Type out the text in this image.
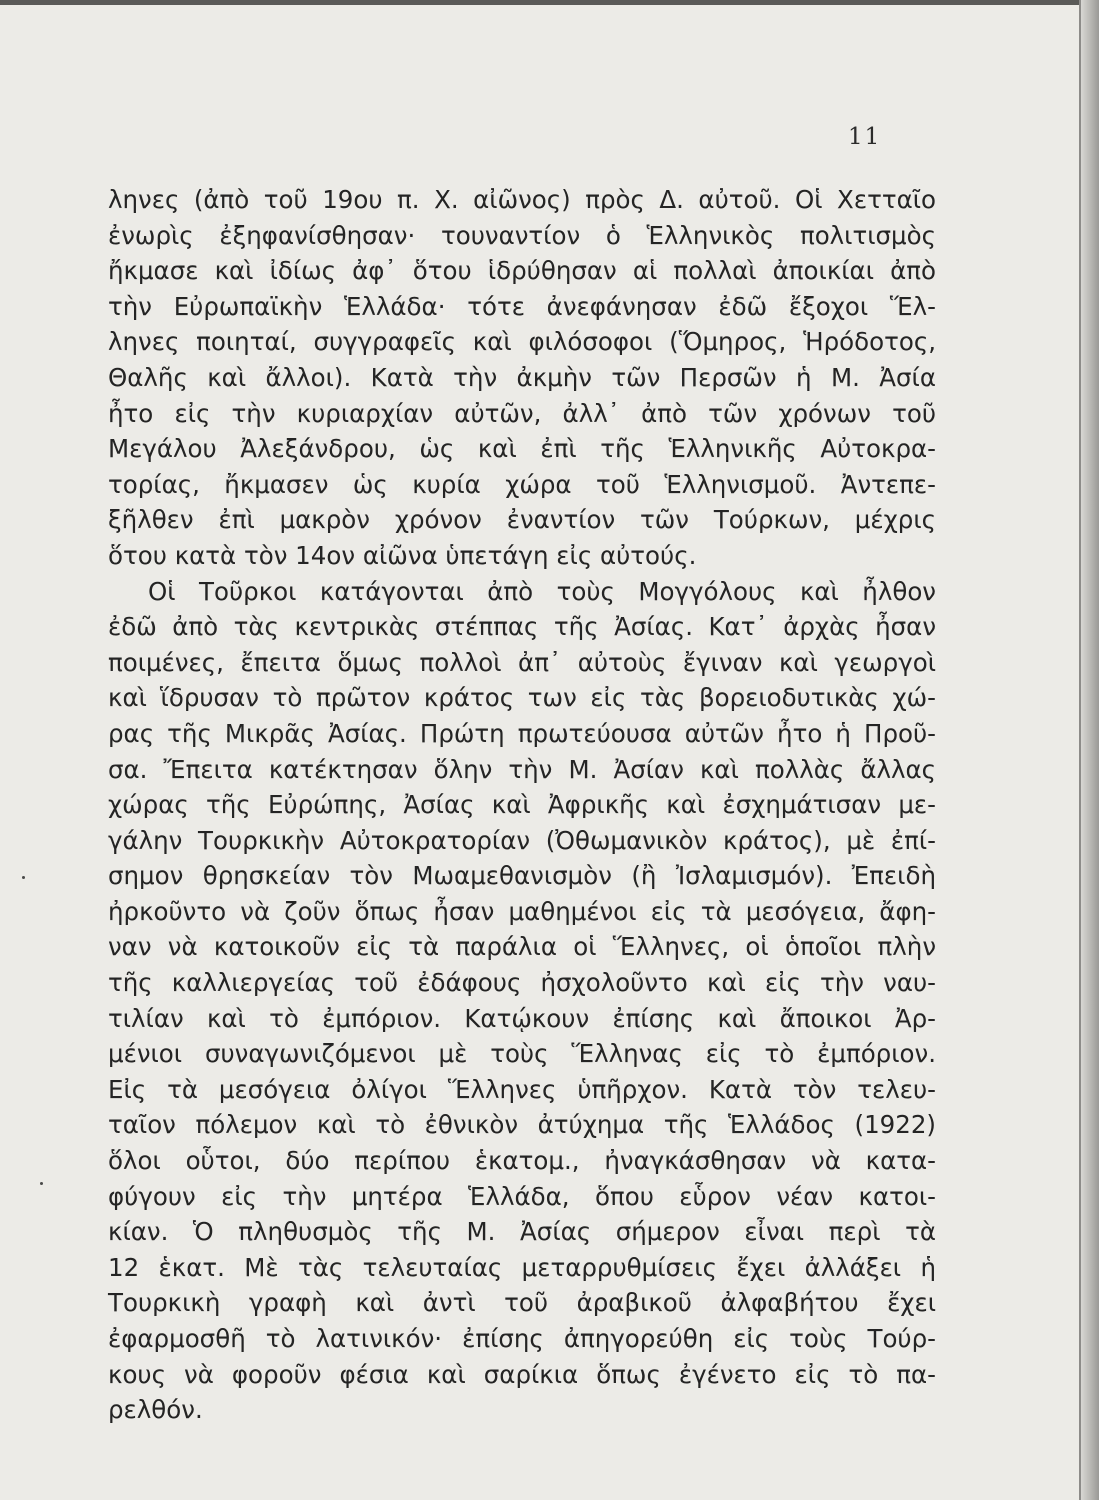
11
ληνες (ἀπὸ τοῦ 19ου π. Χ. αἰῶνος) πρὸς Δ. αὐτοῦ. Οἱ Χετταῖο
ἐνωρὶς ἐξηφανίσθησαν· τουναντίον ὁ Ἑλληνικὸς πολιτισμὸς
ἤκμασε καὶ ἰδίως ἀφ᾿ ὅτου ἱδρύθησαν αἱ πολλαὶ ἀποικίαι ἀπὸ
τὴν Εὐρωπαϊκὴν Ἑλλάδα· τότε ἀνεφάνησαν ἐδῶ ἔξοχοι Ἕλ-
ληνες ποιηταί, συγγραφεῖς καὶ φιλόσοφοι (Ὅμηρος, Ἡρόδοτος,
Θαλῆς καὶ ἄλλοι). Κατὰ τὴν ἀκμὴν τῶν Περσῶν ἡ Μ. Ἀσία
ἦτο εἰς τὴν κυριαρχίαν αὐτῶν, ἀλλ᾿ ἀπὸ τῶν χρόνων τοῦ
Μεγάλου Ἀλεξάνδρου, ὡς καὶ ἐπὶ τῆς Ἑλληνικῆς Αὐτοκρα-
τορίας, ἤκμασεν ὡς κυρία χώρα τοῦ Ἑλληνισμοῦ. Ἀντεπε-
ξῆλθεν ἐπὶ μακρὸν χρόνον ἐναντίον τῶν Τούρκων, μέχρις
ὅτου κατὰ τὸν 14ον αἰῶνα ὑπετάγη εἰς αὐτούς.
Οἱ Τοῦρκοι κατάγονται ἀπὸ τοὺς Μογγόλους καὶ ἦλθον
ἐδῶ ἀπὸ τὰς κεντρικὰς στέππας τῆς Ἀσίας. Κατ᾿ ἀρχὰς ἦσαν
ποιμένες, ἔπειτα ὅμως πολλοὶ ἀπ᾿ αὐτοὺς ἔγιναν καὶ γεωργοὶ
καὶ ἵδρυσαν τὸ πρῶτον κράτος των εἰς τὰς βορειοδυτικὰς χώ-
ρας τῆς Μικρᾶς Ἀσίας. Πρώτη πρωτεύουσα αὐτῶν ἦτο ἡ Προῦ-
σα. Ἔπειτα κατέκτησαν ὅλην τὴν Μ. Ἀσίαν καὶ πολλὰς ἄλλας
χώρας τῆς Εὐρώπης, Ἀσίας καὶ Ἀφρικῆς καὶ ἐσχημάτισαν με-
γάλην Τουρκικὴν Αὐτοκρατορίαν (Ὀθωμανικὸν κράτος), μὲ ἐπί-
σημον θρησκείαν τὸν Μωαμεθανισμὸν (ἢ Ἰσλαμισμόν). Ἐπειδὴ
ἠρκοῦντο νὰ ζοῦν ὅπως ἦσαν μαθημένοι εἰς τὰ μεσόγεια, ἄφη-
ναν νὰ κατοικοῦν εἰς τὰ παράλια οἱ Ἕλληνες, οἱ ὁποῖοι πλὴν
τῆς καλλιεργείας τοῦ ἐδάφους ἠσχολοῦντο καὶ εἰς τὴν ναυ-
τιλίαν καὶ τὸ ἐμπόριον. Κατῴκουν ἐπίσης καὶ ἄποικοι Ἀρ-
μένιοι συναγωνιζόμενοι μὲ τοὺς Ἕλληνας εἰς τὸ ἐμπόριον.
Εἰς τὰ μεσόγεια ὀλίγοι Ἕλληνες ὑπῆρχον. Κατὰ τὸν τελευ-
ταῖον πόλεμον καὶ τὸ ἐθνικὸν ἀτύχημα τῆς Ἑλλάδος (1922)
ὅλοι οὗτοι, δύο περίπου ἑκατομ., ἠναγκάσθησαν νὰ κατα-
φύγουν εἰς τὴν μητέρα Ἑλλάδα, ὅπου εὗρον νέαν κατοι-
κίαν. Ὁ πληθυσμὸς τῆς Μ. Ἀσίας σήμερον εἶναι περὶ τὰ
12 ἑκατ. Μὲ τὰς τελευταίας μεταρρυθμίσεις ἔχει ἀλλάξει ἡ
Τουρκικὴ γραφὴ καὶ ἀντὶ τοῦ ἀραβικοῦ ἀλφαβήτου ἔχει
ἐφαρμοσθῆ τὸ λατινικόν· ἐπίσης ἀπηγορεύθη εἰς τοὺς Τούρ-
κους νὰ φοροῦν φέσια καὶ σαρίκια ὅπως ἐγένετο εἰς τὸ πα-
ρελθόν.
